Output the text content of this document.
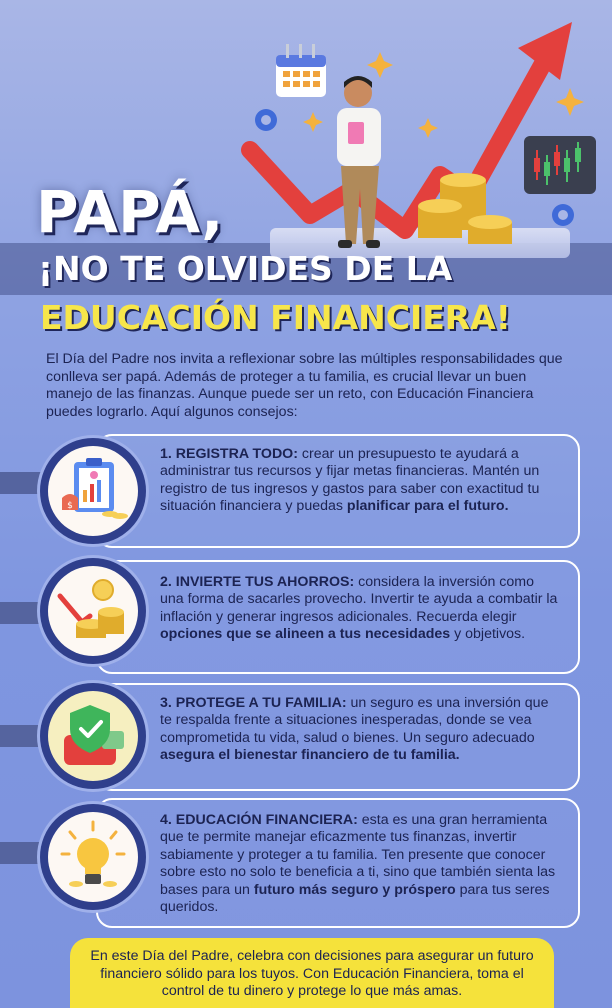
PAPÁ,
¡NO TE OLVIDES DE LA
EDUCACIÓN FINANCIERA!

El Día del Padre nos invita a reflexionar sobre las múltiples responsabilidades que conlleva ser papá. Además de proteger a tu familia, es crucial llevar un buen manejo de las finanzas. Aunque puede ser un reto, con Educación Financiera puedes lograrlo. Aquí algunos consejos:

$

1. REGISTRA TODO: crear un presupuesto te ayudará a administrar tus recursos y fijar metas financieras. Mantén un registro de tus ingresos y gastos para saber con exactitud tu situación financiera y puedas planificar para el futuro.

2. INVIERTE TUS AHORROS: considera la inversión como una forma de sacarles provecho. Invertir te ayuda a combatir la inflación y generar ingresos adicionales. Recuerda elegir opciones que se alineen a tus necesidades y objetivos.

3. PROTEGE A TU FAMILIA: un seguro es una inversión que te respalda frente a situaciones inesperadas, donde se vea comprometida tu vida, salud o bienes. Un seguro adecuado asegura el bienestar financiero de tu familia.

4. EDUCACIÓN FINANCIERA: esta es una gran herramienta que te permite manejar eficazmente tus finanzas, invertir sabiamente y proteger a tu familia. Ten presente que conocer sobre esto no solo te beneficia a ti, sino que también sienta las bases para un futuro más seguro y próspero para tus seres queridos.

En este Día del Padre, celebra con decisiones para asegurar un futuro financiero sólido para los tuyos. Con Educación Financiera, toma el control de tu dinero y protege lo que más amas.
